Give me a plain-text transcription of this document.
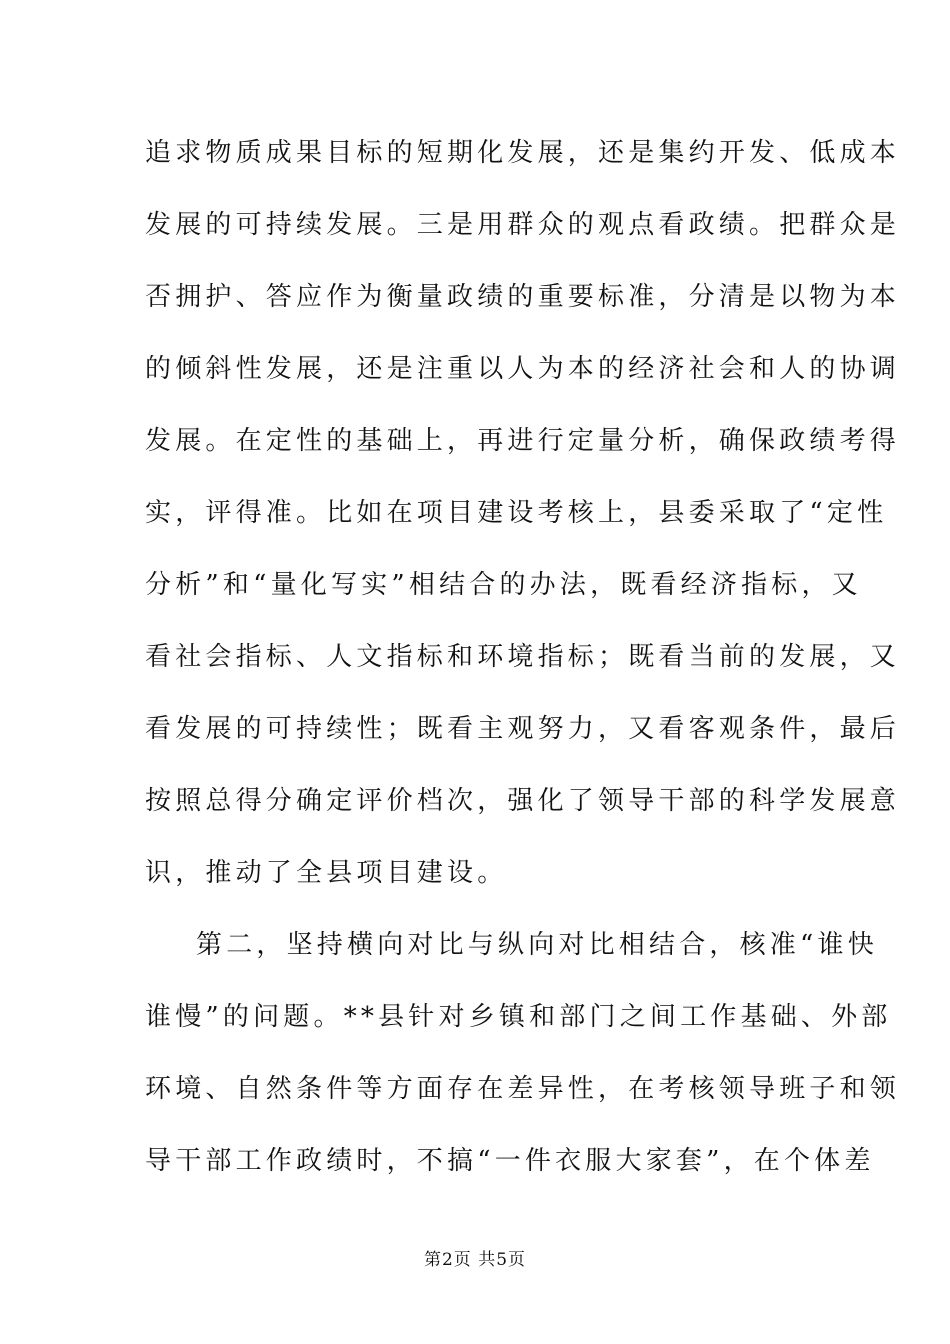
追求物质成果目标的短期化发展，还是集约开发、低成本
发展的可持续发展。三是用群众的观点看政绩。把群众是
否拥护、答应作为衡量政绩的重要标准，分清是以物为本
的倾斜性发展，还是注重以人为本的经济社会和人的协调
发展。在定性的基础上，再进行定量分析，确保政绩考得
实，评得准。比如在项目建设考核上，县委采取了“定性
分析”和“量化写实”相结合的办法，既看经济指标，又
看社会指标、人文指标和环境指标；既看当前的发展，又
看发展的可持续性；既看主观努力，又看客观条件，最后
按照总得分确定评价档次，强化了领导干部的科学发展意
识，推动了全县项目建设。
第二，坚持横向对比与纵向对比相结合，核准“谁快
谁慢”的问题。**县针对乡镇和部门之间工作基础、外部
环境、自然条件等方面存在差异性，在考核领导班子和领
导干部工作政绩时，不搞“一件衣服大家套”，在个体差
第2页 共5页
